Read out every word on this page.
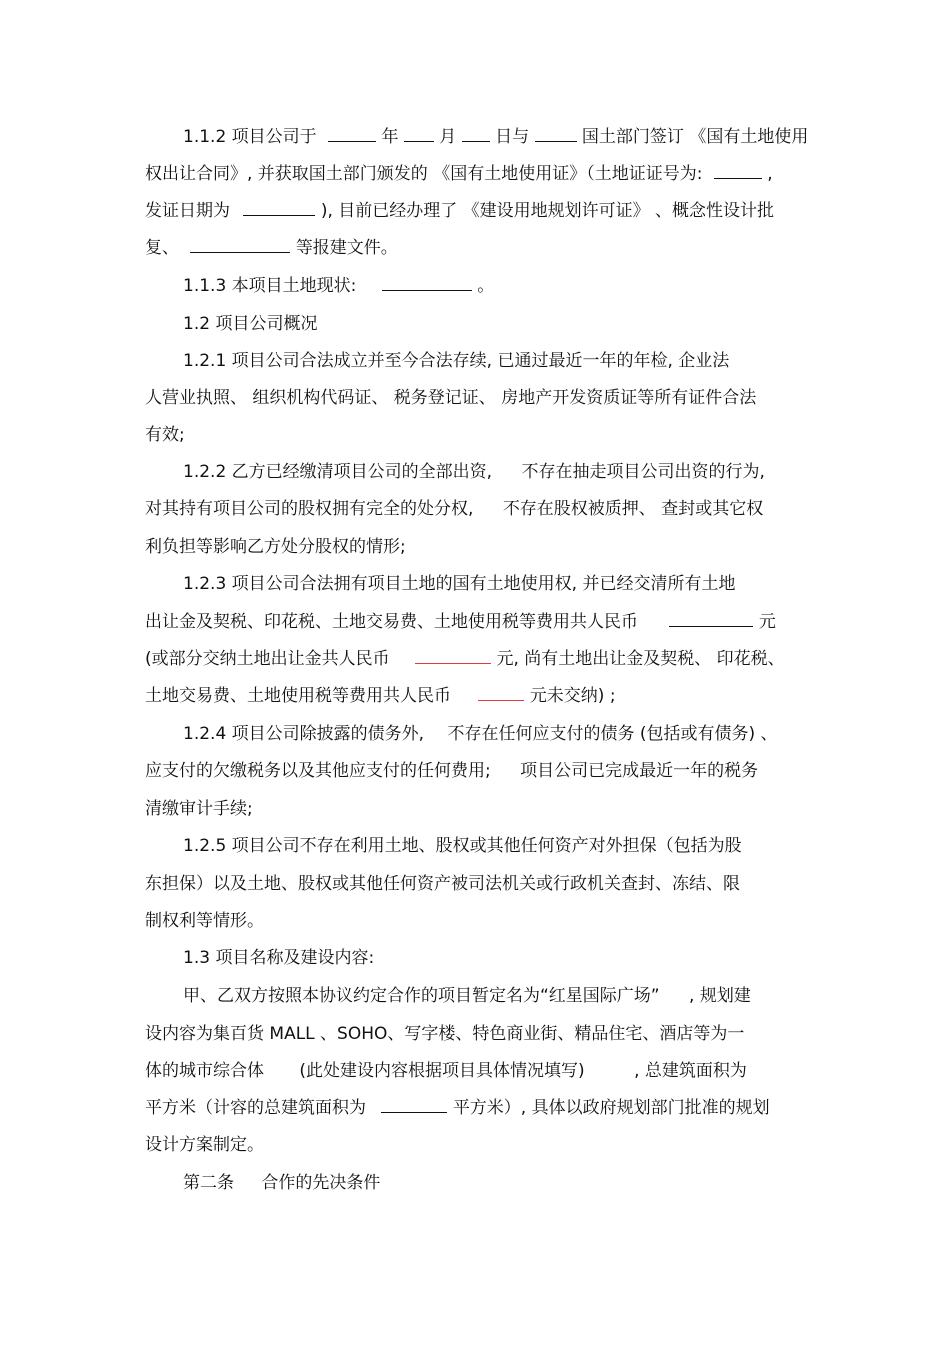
1.1.2 项目公司于	年 月 日与	国土部门签订 《国有土地使用
权出让合同》, 并获取国土部门颁发的 《国有土地使用证》（土地证证号为:	,
发证日期为	), 目前已经办理了 《建设用地规划许可证》 、概念性设计批
复、	等报建文件。
1.1.3 本项目土地现状:	。
1.2 项目公司概况
1.2.1 项目公司合法成立并至今合法存续, 已通过最近一年的年检, 企业法
人营业执照、 组织机构代码证、 税务登记证、 房地产开发资质证等所有证件合法
有效;
1.2.2 乙方已经缴清项目公司的全部出资, 不存在抽走项目公司出资的行为,
对其持有项目公司的股权拥有完全的处分权, 不存在股权被质押、 查封或其它权
利负担等影响乙方处分股权的情形;
1.2.3 项目公司合法拥有项目土地的国有土地使用权, 并已经交清所有土地
出让金及契税、印花税、土地交易费、土地使用税等费用共人民币	元
(或部分交纳土地出让金共人民币	元, 尚有土地出让金及契税、 印花税、
土地交易费、土地使用税等费用共人民币	元未交纳) ;
1.2.4 项目公司除披露的债务外, 不存在任何应支付的债务 (包括或有债务) 、
应支付的欠缴税务以及其他应支付的任何费用; 项目公司已完成最近一年的税务
清缴审计手续;
1.2.5 项目公司不存在利用土地、股权或其他任何资产对外担保（包括为股
东担保）以及土地、股权或其他任何资产被司法机关或行政机关查封、冻结、限
制权利等情形。
1.3 项目名称及建设内容:
甲、乙双方按照本协议约定合作的项目暂定名为“红星国际广场” , 规划建
设内容为集百货 MALL 、SOHO、写字楼、特色商业街、精品住宅、酒店等为一
体的城市综合体 (此处建设内容根据项目具体情况填写)	, 总建筑面积为
平方米（计容的总建筑面积为	平方米）, 具体以政府规划部门批准的规划
设计方案制定。
第二条 合作的先决条件
